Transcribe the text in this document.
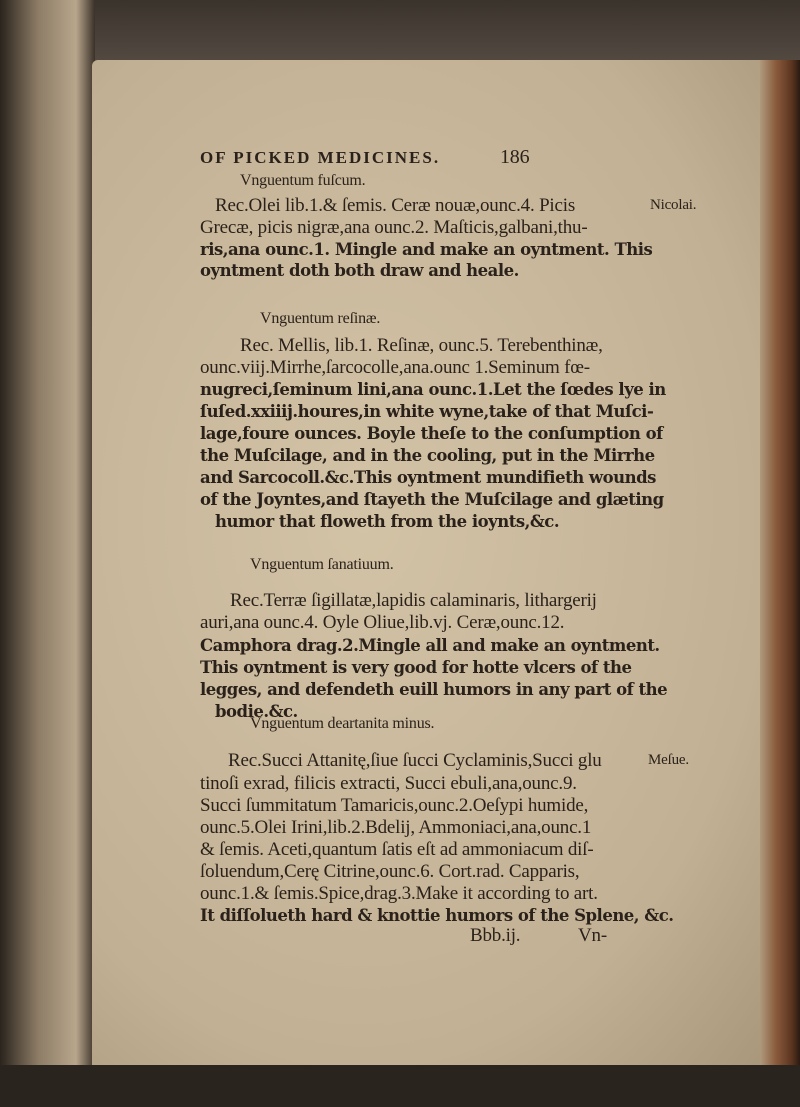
OF PICKED MEDICINES.	186
Vnguentum fuſcum.
Rec.Olei lib.1.& ſemis. Ceræ nouæ,ounc.4. Picis	Nicolai.
Grecæ, picis nigræ,ana ounc.2. Maſticis,galbani,thu-
ris,ana ounc.1. Mingle and make an oyntment. This
oyntment doth both draw and heale.
Vnguentum reſinæ.
Rec. Mellis, lib.1. Reſinæ, ounc.5. Terebenthinæ,
ounc.viij.Mirrhe,ſarcocolle,ana.ounc 1.Seminum fœ-
nugreci,ſeminum lini,ana ounc.1.Let the ſœdes lye in
ſuſed.xxiiij.houres,in white wyne,take of that Muſci-
lage,foure ounces. Boyle theſe to the conſumption of
the Muſcilage, and in the cooling, put in the Mirrhe
and Sarcocoll.&c.This oyntment mundifieth wounds
of the Joyntes,and ſtayeth the Muſcilage and glæting
humor that floweth from the ioynts,&c.
Vnguentum ſanatiuum.
Rec.Terræ ſigillatæ,lapidis calaminaris, lithargerij
auri,ana ounc.4. Oyle Oliue,lib.vj. Ceræ,ounc.12.
Camphora drag.2.Mingle all and make an oyntment.
This oyntment is very good for hotte vlcers of the
legges, and defendeth euill humors in any part of the
bodie.&c.
Vnguentum deartanita minus.
Rec.Succi Attanitę,ſiue ſucci Cyclaminis,Succi glu	Meſue.
tinoſi exrad, filicis extracti, Succi ebuli,ana,ounc.9.
Succi ſummitatum Tamaricis,ounc.2.Oeſypi humide,
ounc.5.Olei Irini,lib.2.Bdelij, Ammoniaci,ana,ounc.1
& ſemis. Aceti,quantum ſatis eſt ad ammoniacum diſ-
ſoluendum,Cerę Citrine,ounc.6. Cort.rad. Capparis,
ounc.1.& ſemis.Spice,drag.3.Make it according to art.
It diſſolueth hard & knottie humors of the Splene, &c.
Bbb.ij.	Vn-
